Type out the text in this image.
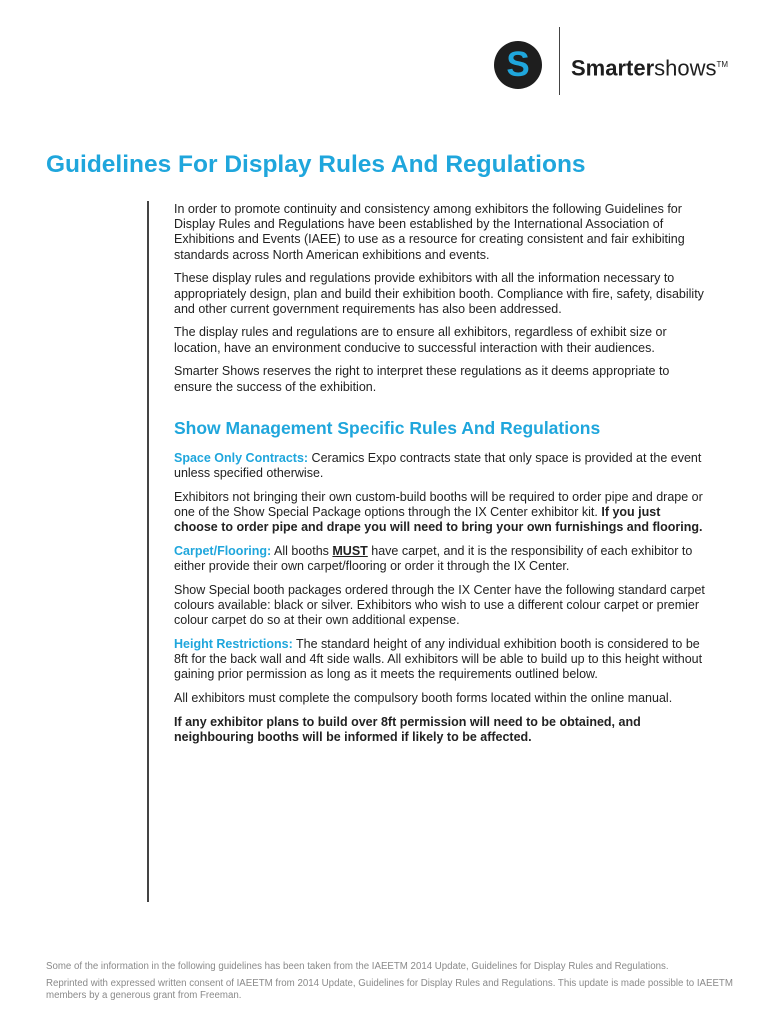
S	Smartershows™
Guidelines For Display Rules And Regulations

In order to promote continuity and consistency among exhibitors the following Guidelines for Display Rules and Regulations have been established by the International Association of Exhibitions and Events (IAEE) to use as a resource for creating consistent and fair exhibiting standards across North American exhibitions and events.

These display rules and regulations provide exhibitors with all the information necessary to appropriately design, plan and build their exhibition booth. Compliance with fire, safety, disability and other current government requirements has also been addressed.

The display rules and regulations are to ensure all exhibitors, regardless of exhibit size or location, have an environment conducive to successful interaction with their audiences.

Smarter Shows reserves the right to interpret these regulations as it deems appropriate to ensure the success of the exhibition.

Show Management Specific Rules And Regulations

Space Only Contracts: Ceramics Expo contracts state that only space is provided at the event unless specified otherwise.

Exhibitors not bringing their own custom-build booths will be required to order pipe and drape or one of the Show Special Package options through the IX Center exhibitor kit. If you just choose to order pipe and drape you will need to bring your own furnishings and flooring.

Carpet/Flooring: All booths MUST have carpet, and it is the responsibility of each exhibitor to either provide their own carpet/flooring or order it through the IX Center.

Show Special booth packages ordered through the IX Center have the following standard carpet colours available: black or silver. Exhibitors who wish to use a different colour carpet or premier colour carpet do so at their own additional expense.

Height Restrictions: The standard height of any individual exhibition booth is considered to be 8ft for the back wall and 4ft side walls. All exhibitors will be able to build up to this height without gaining prior permission as long as it meets the requirements outlined below.

All exhibitors must complete the compulsory booth forms located within the online manual.

If any exhibitor plans to build over 8ft permission will need to be obtained, and neighbouring booths will be informed if likely to be affected.

Some of the information in the following guidelines has been taken from the IAEETM 2014 Update, Guidelines for Display Rules and Regulations.

Reprinted with expressed written consent of IAEETM from 2014 Update, Guidelines for Display Rules and Regulations. This update is made possible to IAEETM members by a generous grant from Freeman.
